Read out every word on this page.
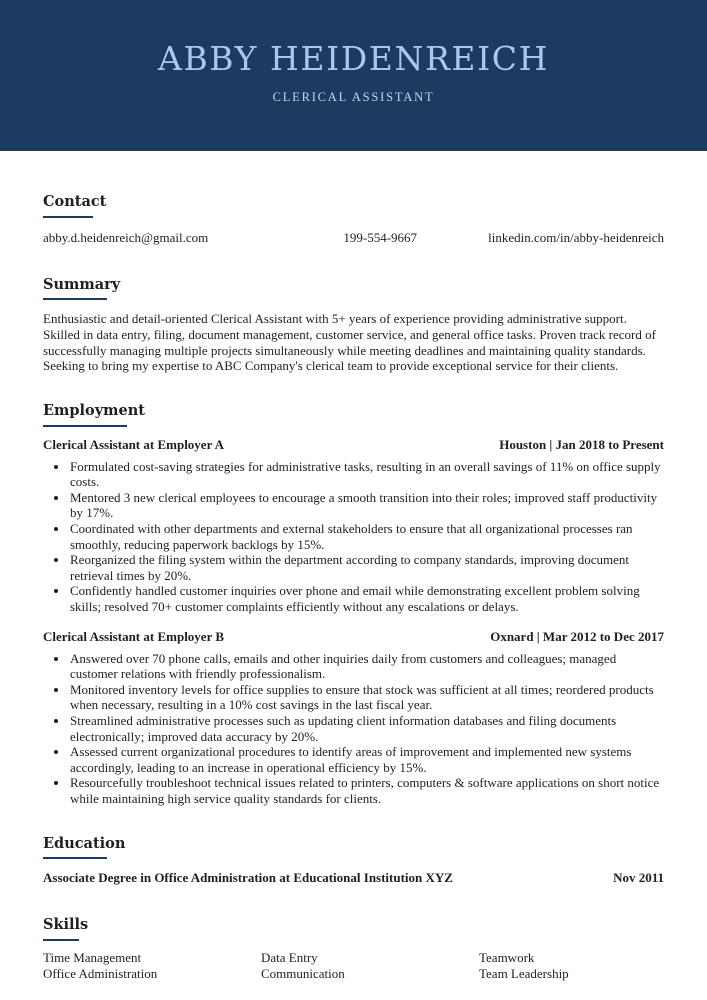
ABBY HEIDENREICH
CLERICAL ASSISTANT
Contact
abby.d.heidenreich@gmail.com	199-554-9667	linkedin.com/in/abby-heidenreich
Summary

Enthusiastic and detail-oriented Clerical Assistant with 5+ years of experience providing administrative support. Skilled in data entry, filing, document management, customer service, and general office tasks. Proven track record of successfully managing multiple projects simultaneously while meeting deadlines and maintaining quality standards. Seeking to bring my expertise to ABC Company's clerical team to provide exceptional service for their clients.

Employment
Clerical Assistant at Employer A	Houston | Jan 2018 to Present
• Formulated cost-saving strategies for administrative tasks, resulting in an overall savings of 11% on office supply costs.
• Mentored 3 new clerical employees to encourage a smooth transition into their roles; improved staff productivity by 17%.
• Coordinated with other departments and external stakeholders to ensure that all organizational processes ran smoothly, reducing paperwork backlogs by 15%.
• Reorganized the filing system within the department according to company standards, improving document retrieval times by 20%.
• Confidently handled customer inquiries over phone and email while demonstrating excellent problem solving skills; resolved 70+ customer complaints efficiently without any escalations or delays.
Clerical Assistant at Employer B	Oxnard | Mar 2012 to Dec 2017
• Answered over 70 phone calls, emails and other inquiries daily from customers and colleagues; managed customer relations with friendly professionalism.
• Monitored inventory levels for office supplies to ensure that stock was sufficient at all times; reordered products when necessary, resulting in a 10% cost savings in the last fiscal year.
• Streamlined administrative processes such as updating client information databases and filing documents electronically; improved data accuracy by 20%.
• Assessed current organizational procedures to identify areas of improvement and implemented new systems accordingly, leading to an increase in operational efficiency by 15%.
• Resourcefully troubleshoot technical issues related to printers, computers & software applications on short notice while maintaining high service quality standards for clients.
Education
Associate Degree in Office Administration at Educational Institution XYZ	Nov 2011
Skills
Time Management	Data Entry	Teamwork
Office Administration	Communication	Team Leadership
